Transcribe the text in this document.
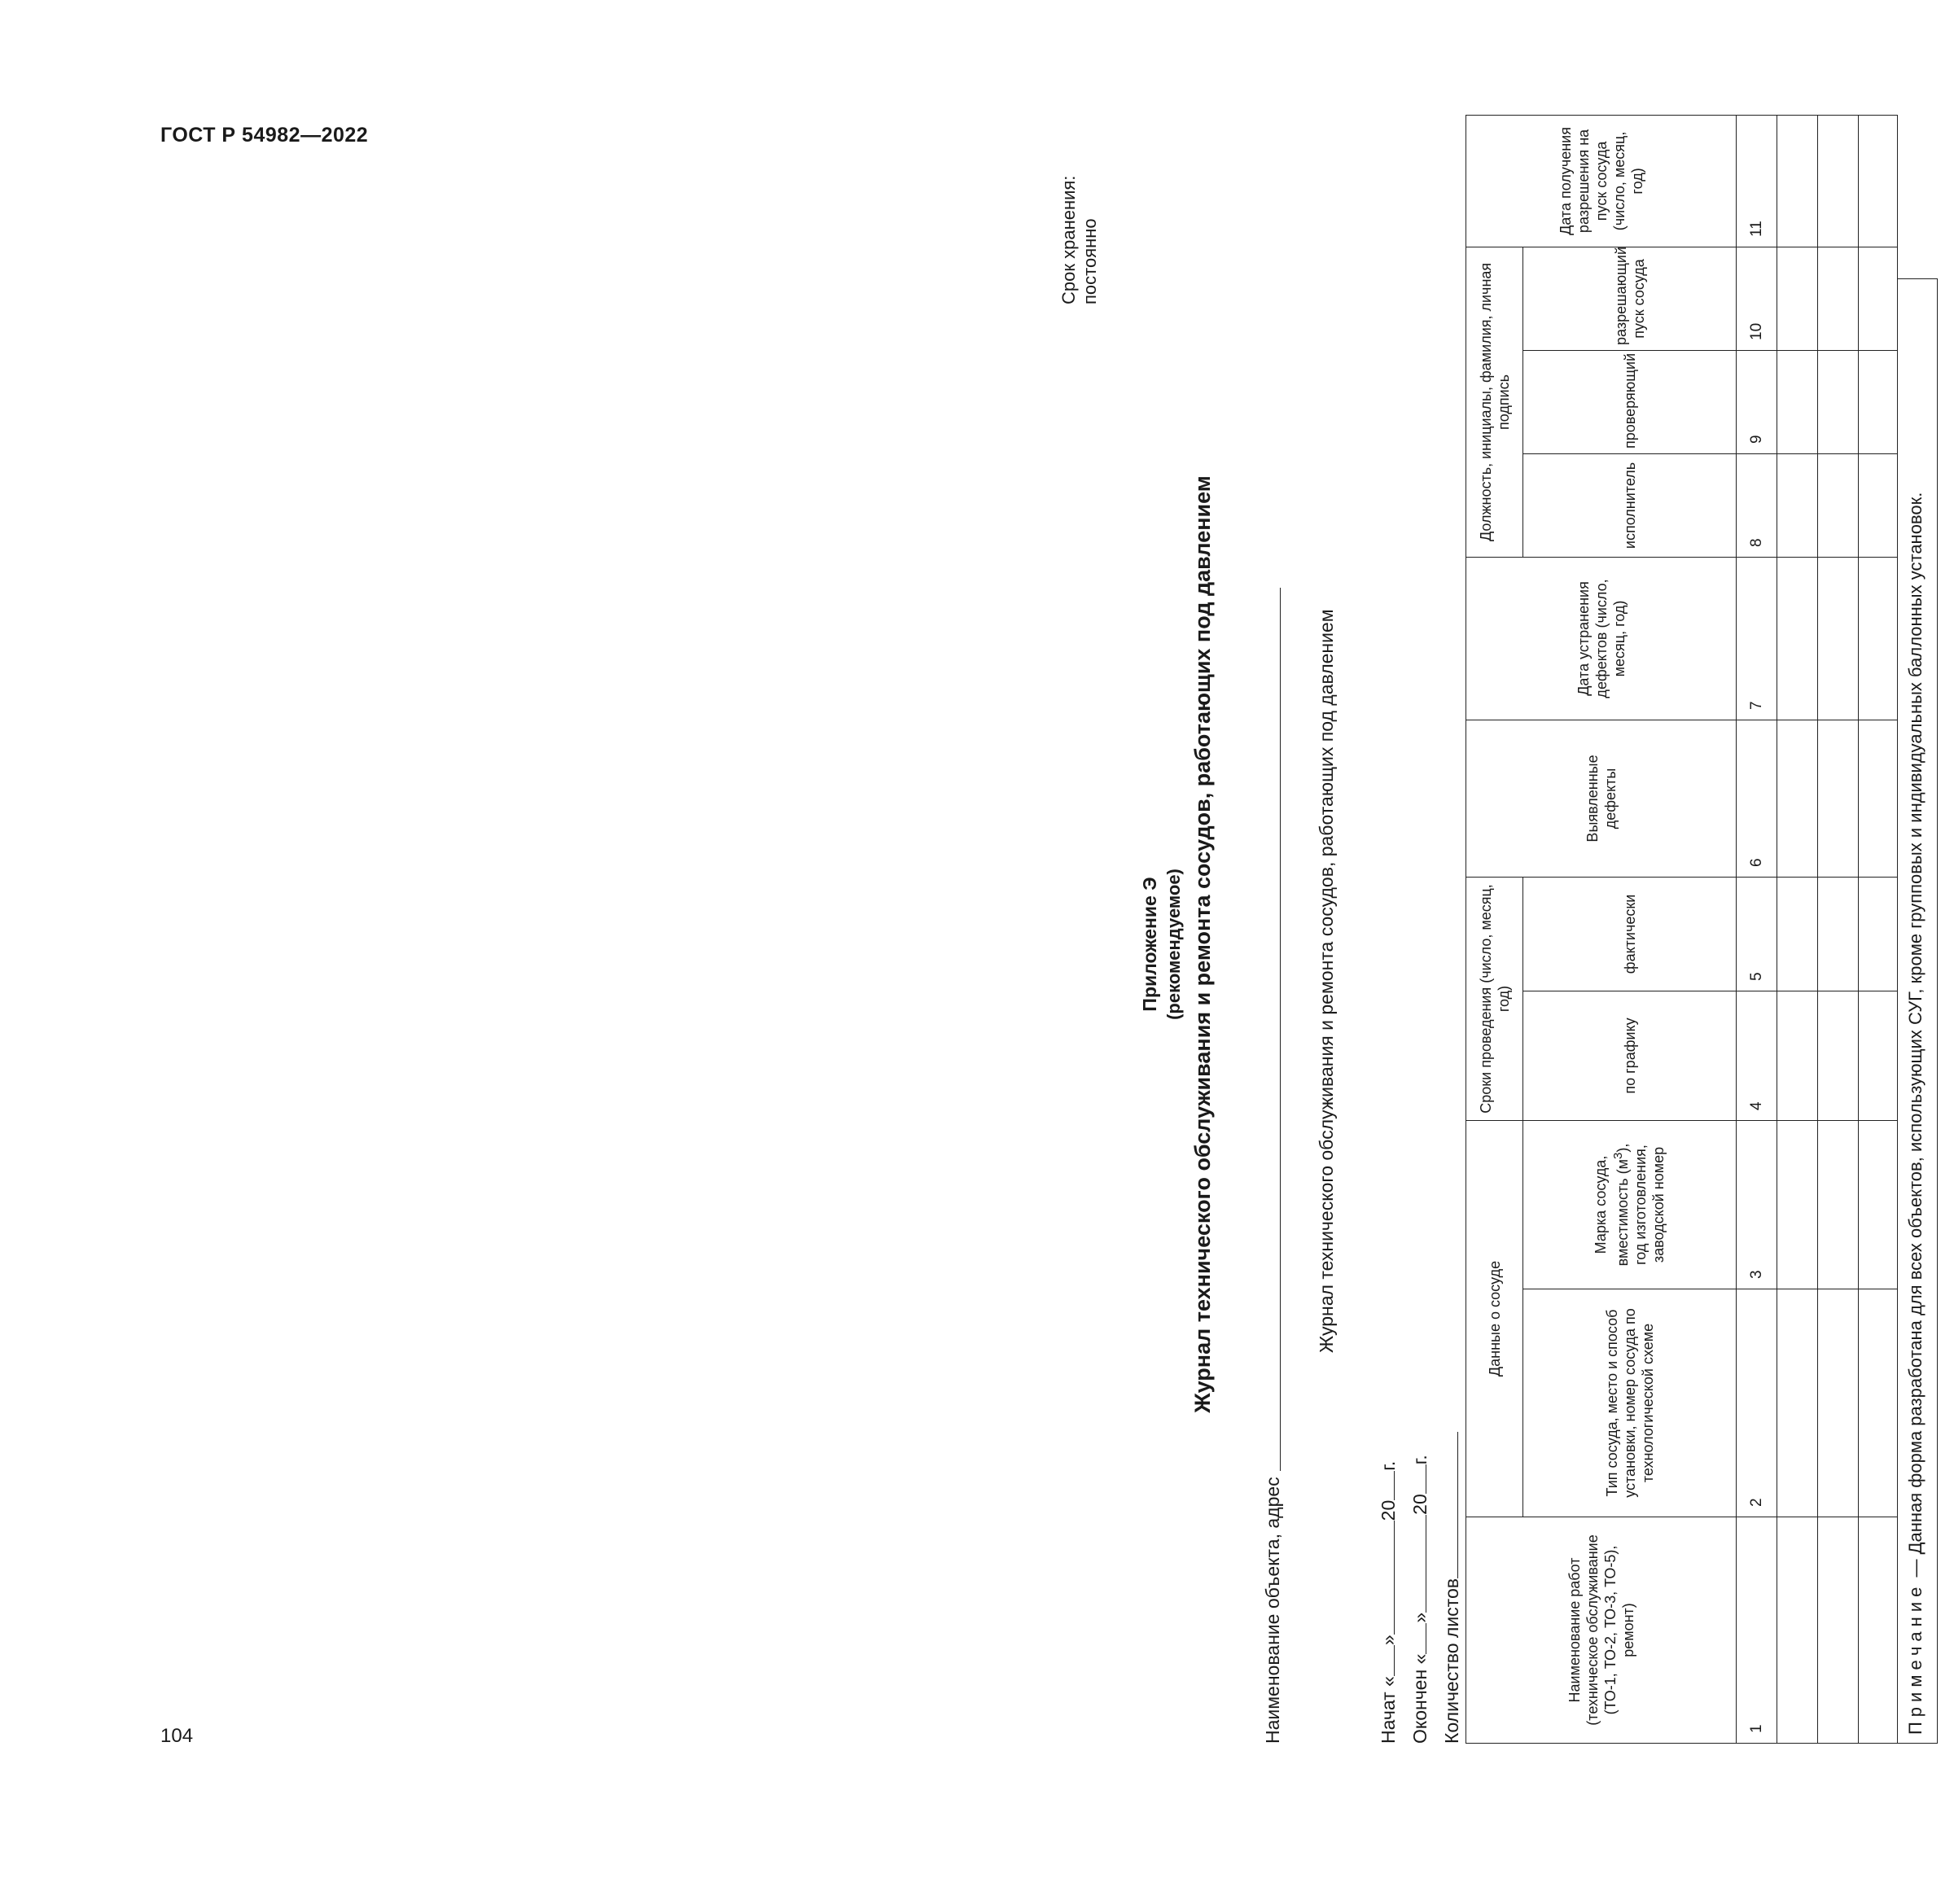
ГОСТ Р 54982—2022
104
Приложение Э (рекомендуемое) Журнал технического обслуживания и ремонта сосудов, работающих под давлением
Срок хранения: постоянно
Наименование объекта, адрес
Журнал технического обслуживания и ремонта сосудов, работающих под давлением
Начат «»20г.
Окончен «»20г.
Количество листов	Наименование работ (техническое обслуживание (ТО-1, ТО-2, ТО-3, ТО-5), ремонт)	Данные о сосуде		Сроки проведения (число, месяц, год)		Выявленные дефекты	Дата устранения дефектов (число, месяц, год)	Должность, инициалы, фамилия, личная подпись			Дата получения разрешения на пуск сосуда (число, месяц, год)
	Тип сосуда, место и способ установки, номер сосуда по технологической схеме	Марка сосуда, вместимость $(м^3)$, год изготовления, заводской номер	по графику	фактически			исполнитель	проверяющий	разрешающий пуск сосуда	
1	2	3	4	5	6	7	8	9	10	11

Примечание — Данная форма разработана для всех объектов, использующих СУГ, кроме групповых и индивидуальных баллонных установок.
